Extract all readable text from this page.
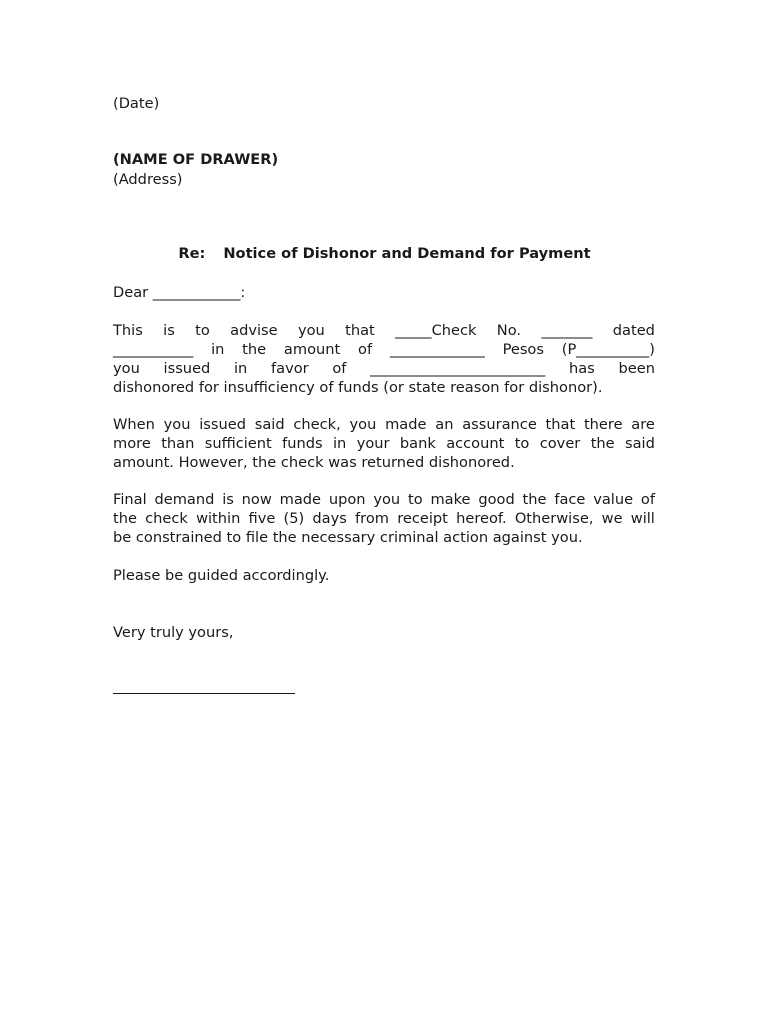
(Date)
(NAME OF DRAWER)
(Address)

Re: Notice of Dishonor and Demand for Payment

Dear ____________:
This is to advise you that _____Check No. _______ dated
___________ in the amount of _____________ Pesos (P__________)
you issued in favor of ________________________ has been
dishonored for insufficiency of funds (or state reason for dishonor).
When you issued said check, you made an assurance that there are
more than sufficient funds in your bank account to cover the said
amount. However, the check was returned dishonored.
Final demand is now made upon you to make good the face value of
the check within five (5) days from receipt hereof. Otherwise, we will
be constrained to file the necessary criminal action against you.
Please be guided accordingly.
Very truly yours,
